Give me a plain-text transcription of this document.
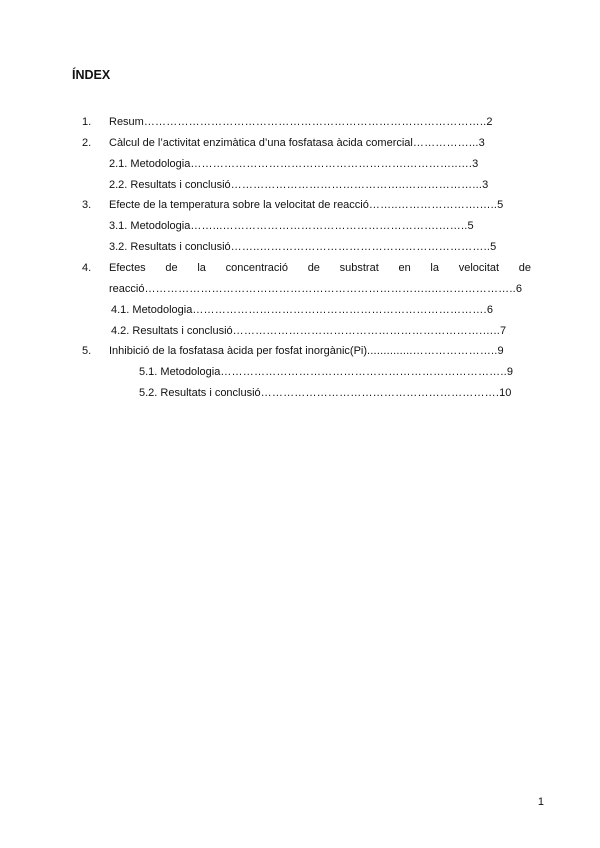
ÍNDEX
1. Resum………………………………………………………………………………..2
2. Càlcul de l’activitat enzimàtica d’una fosfatasa àcida comercial……………...3
2.1. Metodologia………………………………………………….…………..….3
2.2. Resultats i conclusió………………………………………..………………...3
3. Efecte de la temperatura sobre la velocitat de reacció……..………………….…..5
3.1. Metodologia……...………………………………………………….……..5
3.2. Resultats i conclusió……..……………………………………………………..5
4. Efectes de la concentració de substrat en la velocitat de
reacció…………………………………………………………………..…………………..6
4.1. Metodologia…………………………………………………………………….6
4.2. Resultats i conclusió………………………………………………………….…..7
5. Inhibició de la fosfatasa àcida per fosfat inorgànic(Pi)..............…………………..9
5.1. Metodologia…………………………………………………………………..9
5.2. Resultats i conclusió……………………………………………………….10
1
